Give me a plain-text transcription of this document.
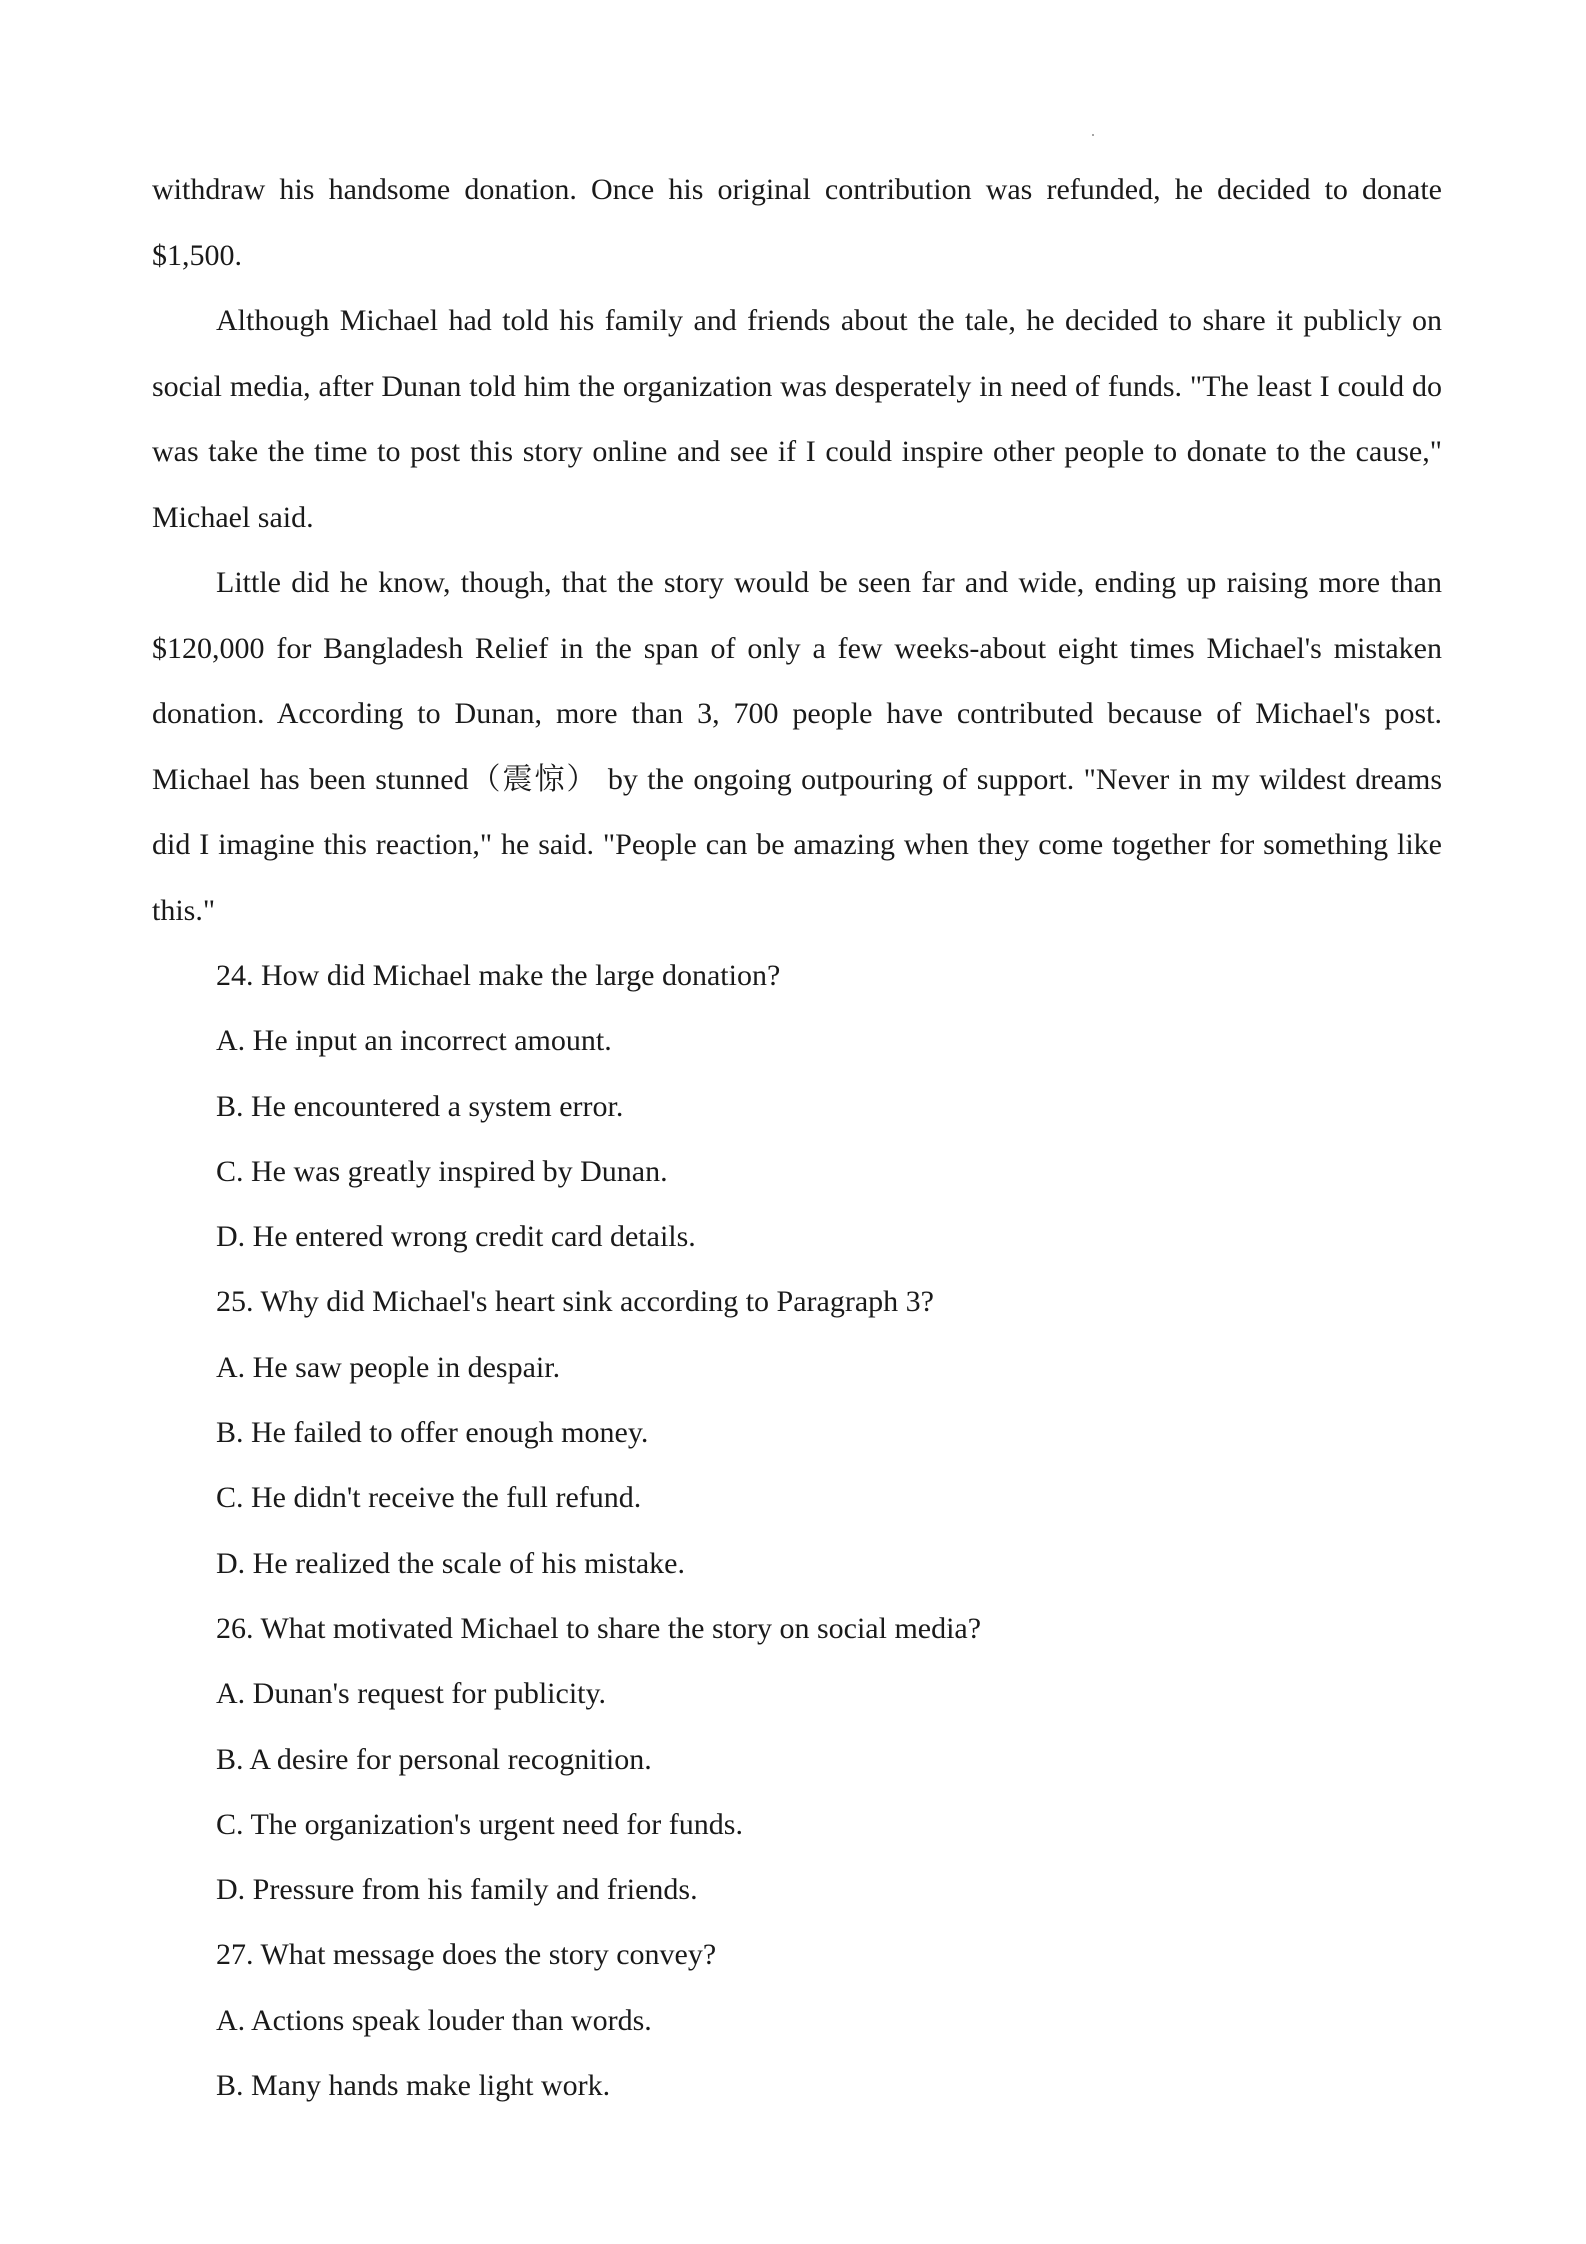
withdraw his handsome donation. Once his original contribution was refunded, he decided to donate $1,500.

Although Michael had told his family and friends about the tale, he decided to share it publicly on social media, after Dunan told him the organization was desperately in need of funds. "The least I could do was take the time to post this story online and see if I could inspire other people to donate to the cause," Michael said.

Little did he know, though, that the story would be seen far and wide, ending up raising more than $120,000 for Bangladesh Relief in the span of only a few weeks-about eight times Michael's mistaken donation. According to Dunan, more than 3, 700 people have contributed because of Michael's post. Michael has been stunned（震惊） by the ongoing outpouring of support. "Never in my wildest dreams did I imagine this reaction," he said. "People can be amazing when they come together for something like this."

24. How did Michael make the large donation?

A. He input an incorrect amount.

B. He encountered a system error.

C. He was greatly inspired by Dunan.

D. He entered wrong credit card details.

25. Why did Michael's heart sink according to Paragraph 3?

A. He saw people in despair.

B. He failed to offer enough money.

C. He didn't receive the full refund.

D. He realized the scale of his mistake.

26. What motivated Michael to share the story on social media?

A. Dunan's request for publicity.

B. A desire for personal recognition.

C. The organization's urgent need for funds.

D. Pressure from his family and friends.

27. What message does the story convey?

A. Actions speak louder than words.

B. Many hands make light work.
